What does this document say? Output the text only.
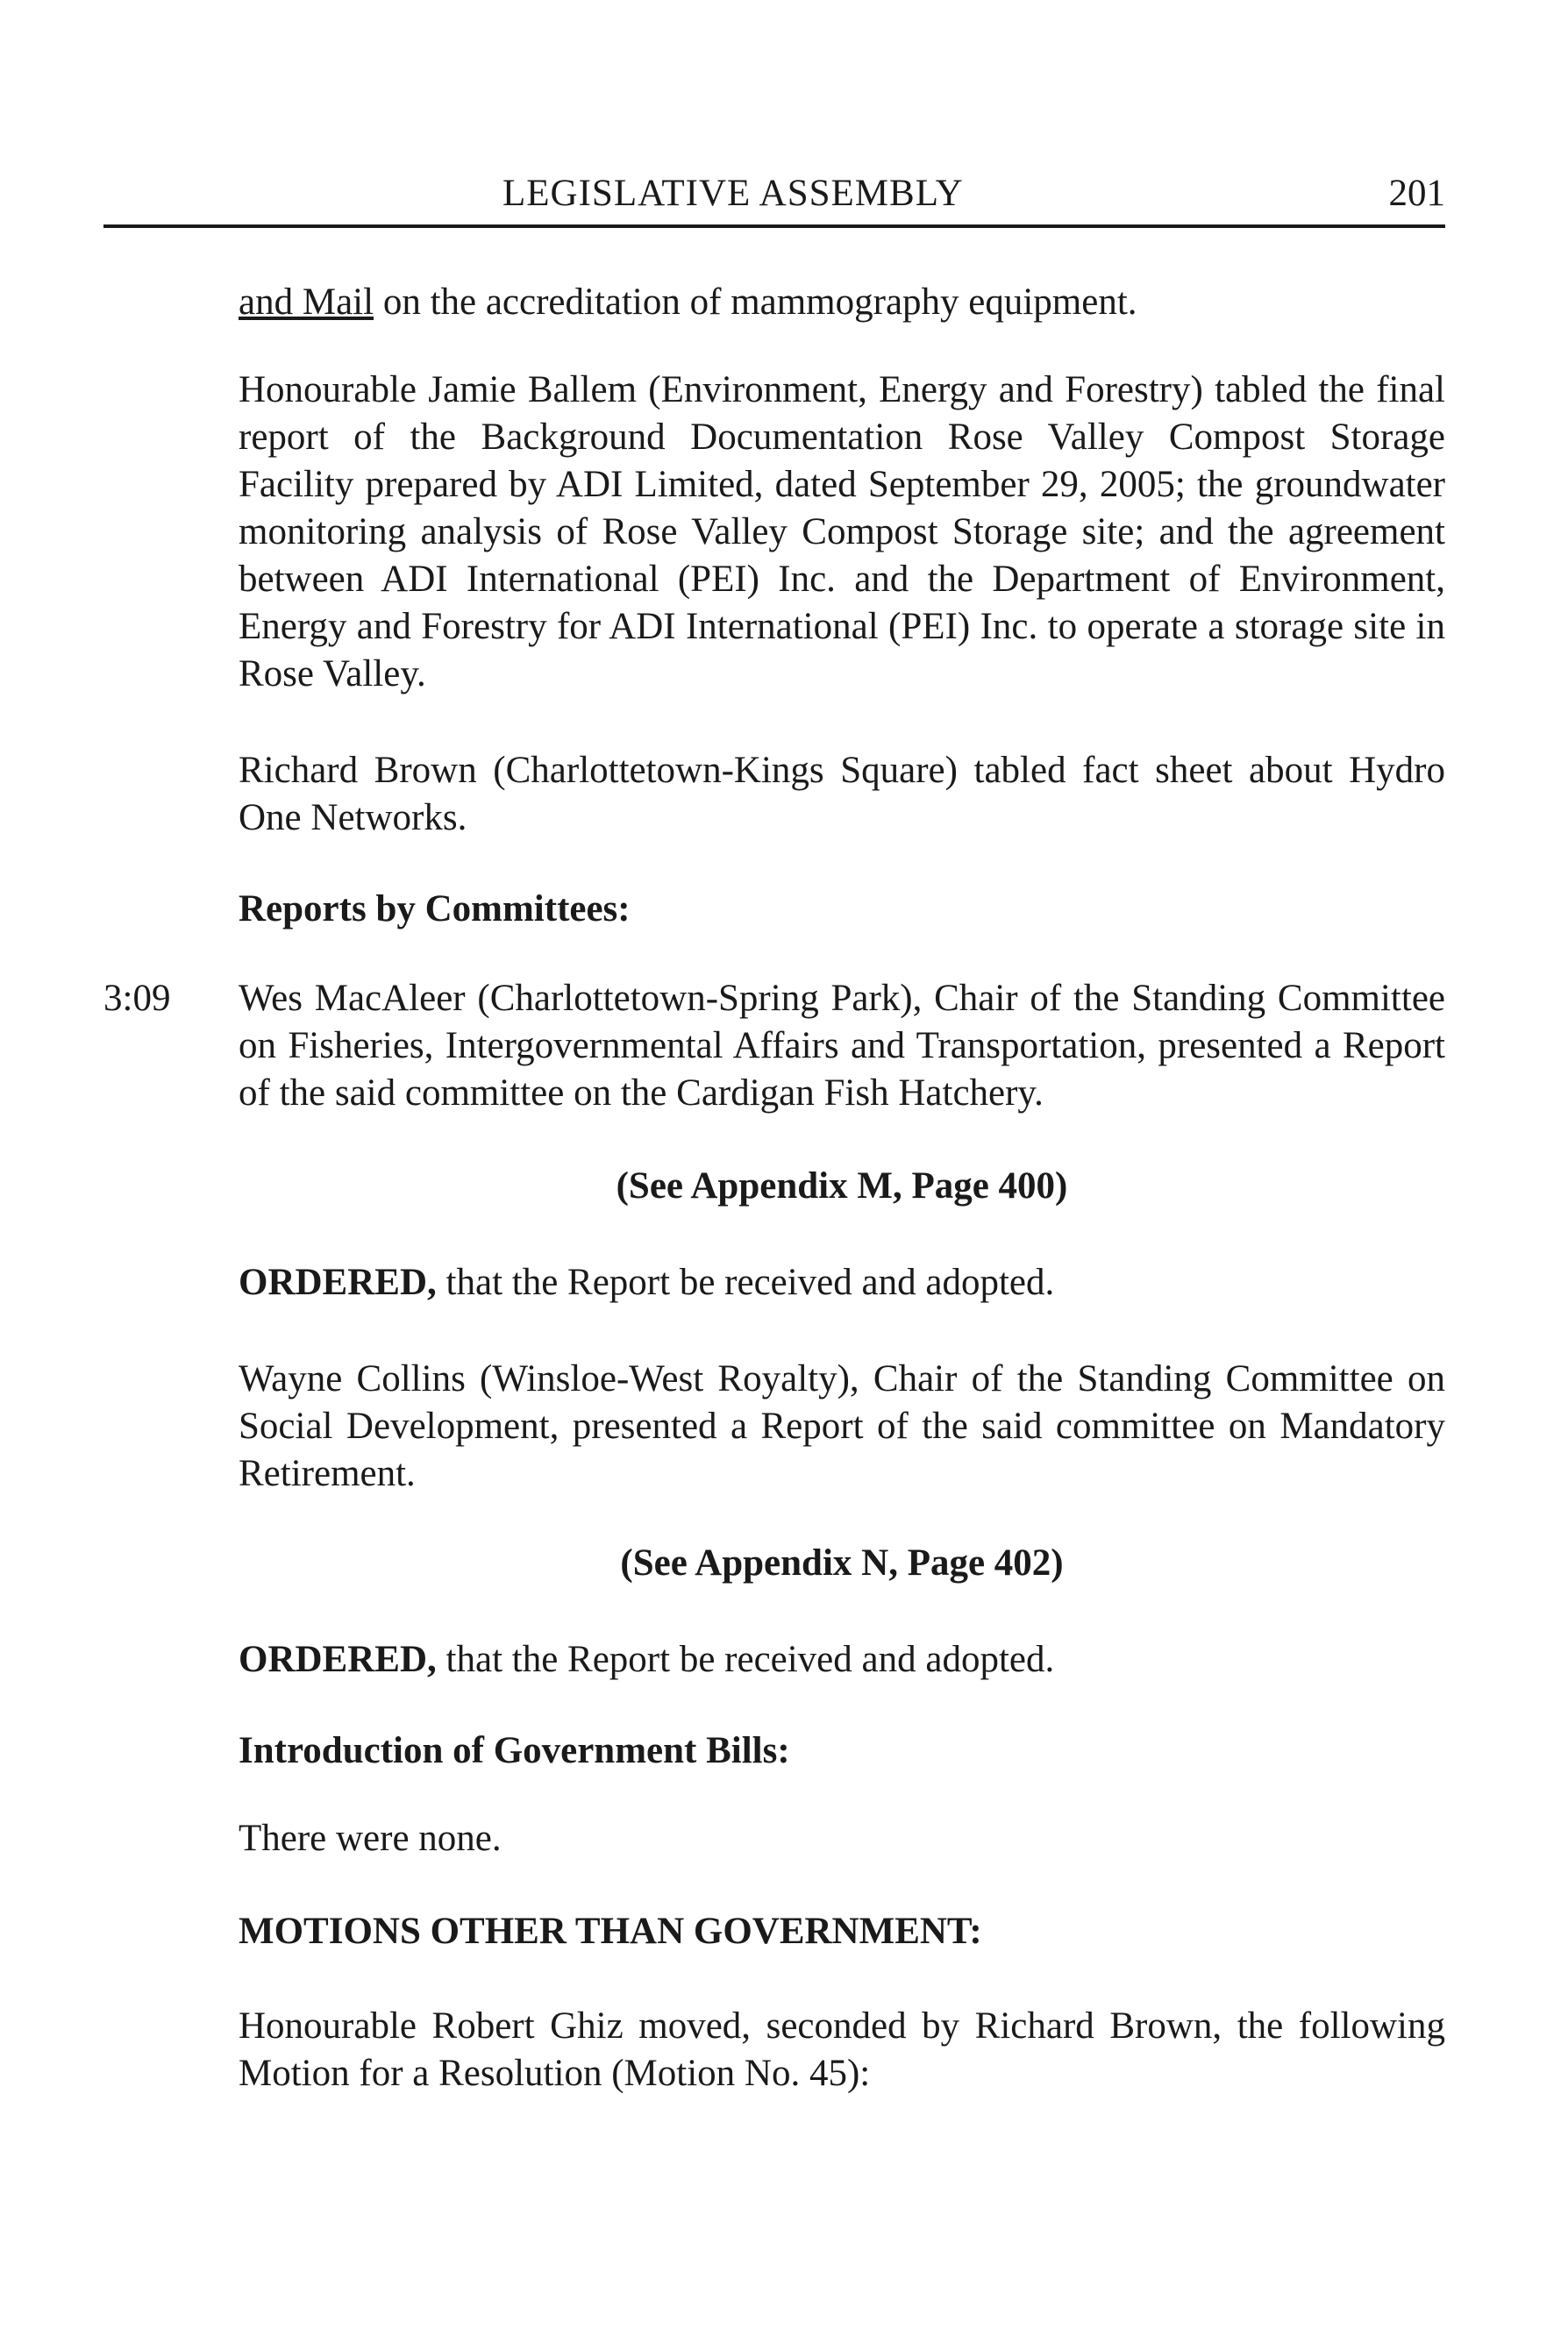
LEGISLATIVE ASSEMBLY	201

and Mail on the accreditation of mammography equipment.

Honourable Jamie Ballem (Environment, Energy and Forestry) tabled the final report of the Background Documentation Rose Valley Compost Storage Facility prepared by ADI Limited, dated September 29, 2005; the groundwater monitoring analysis of Rose Valley Compost Storage site; and the agreement between ADI International (PEI) Inc. and the Department of Environment, Energy and Forestry for ADI International (PEI) Inc. to operate a storage site in Rose Valley.

Richard Brown (Charlottetown-Kings Square) tabled fact sheet about Hydro One Networks.

Reports by Committees:

3:09 Wes MacAleer (Charlottetown-Spring Park), Chair of the Standing Committee on Fisheries, Intergovernmental Affairs and Transportation, presented a Report of the said committee on the Cardigan Fish Hatchery.

(See Appendix M, Page 400)

ORDERED, that the Report be received and adopted.

Wayne Collins (Winsloe-West Royalty), Chair of the Standing Committee on Social Development, presented a Report of the said committee on Mandatory Retirement.

(See Appendix N, Page 402)

ORDERED, that the Report be received and adopted.

Introduction of Government Bills:

There were none.

MOTIONS OTHER THAN GOVERNMENT:

Honourable Robert Ghiz moved, seconded by Richard Brown, the following Motion for a Resolution (Motion No. 45):
